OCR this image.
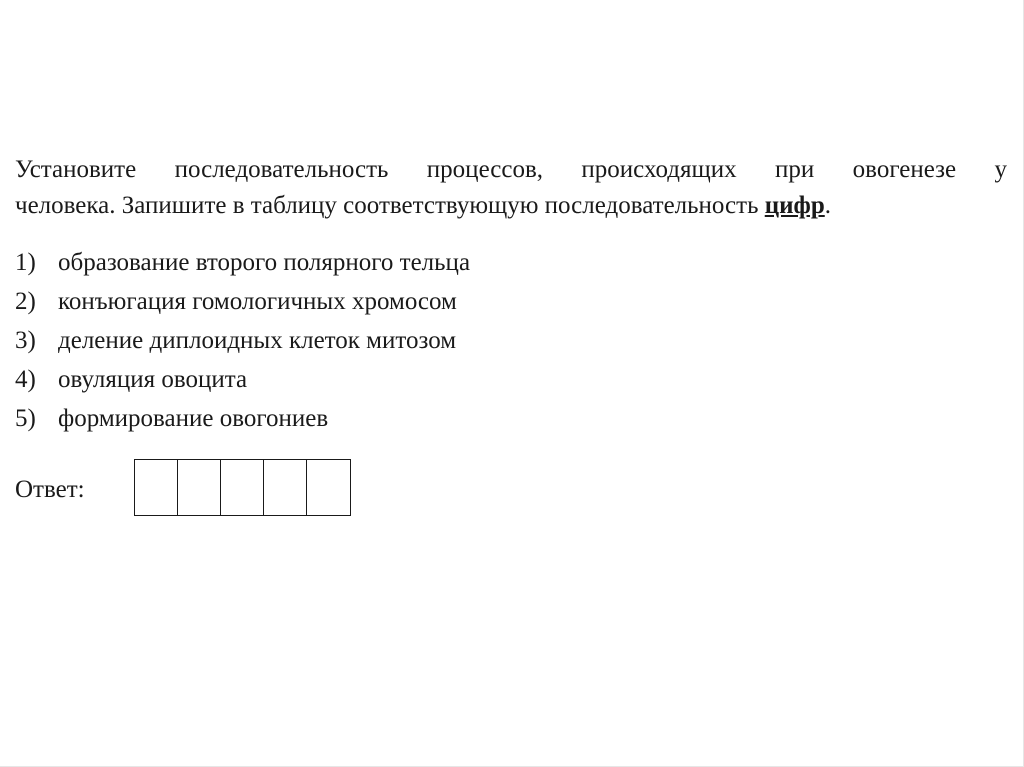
Установите последовательность процессов, происходящих при овогенезе у
человека. Запишите в таблицу соответствующую последовательность цифр.
1) образование второго полярного тельца
2) конъюгация гомологичных хромосом
3) деление диплоидных клеток митозом
4) овуляция овоцита
5) формирование овогониев
Ответ:
